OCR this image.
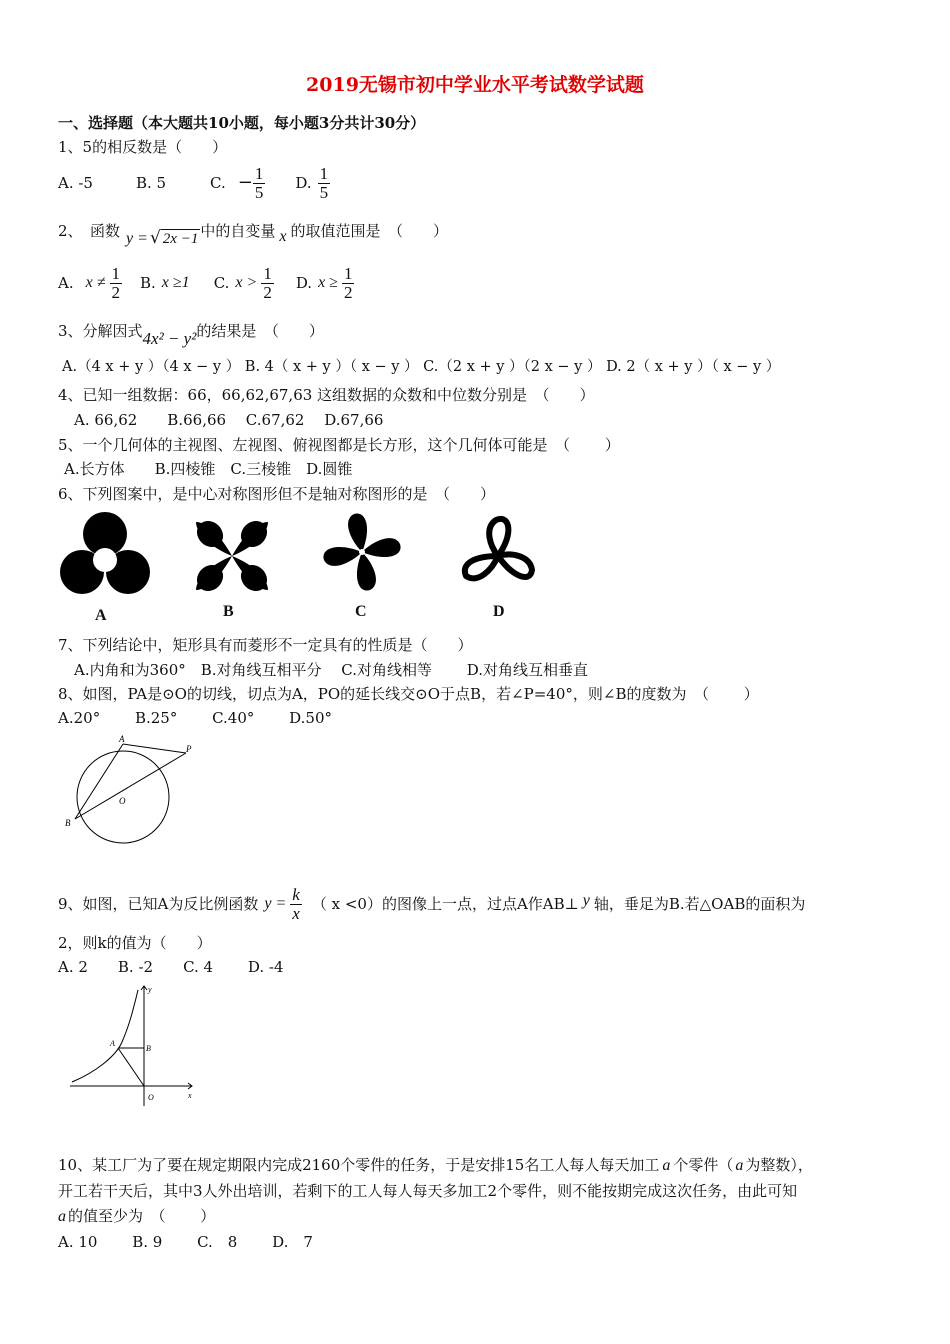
2019无锡市初中学业水平考试数学试题
一、选择题（本大题共10小题，每小题3分共计30分）
1、5的相反数是（　　）
A. -5	B. 5	C. − $\frac{1}{5} D$. $\frac{1}{5}$
2、　函数 y = √ 2x −1 中的自变量 x 的取值范围是　（　　）
A. $x \ne \frac{1}{2} B$. x ≥1 C. $x > \frac{1}{2} D$. $x \ge \frac{1}{2}$
3、分解因式 4x² − y² 的结果是　（　　）
A.（4 x + y ）（4 x − y ） B. 4（ x + y ）（ x − y ） C.（2 x + y ）（2 x − y ） D. 2（ x + y ）（ x − y ）
4、已知一组数据：66，66,62,67,63 这组数据的众数和中位数分别是　（　　）
A. 66,62　　B.66,66　 C.67,62　 D.67,66
5、一个几何体的主视图、左视图、俯视图都是长方形，这个几何体可能是　（　　 ）
A.长方体　　B.四棱锥　C.三棱锥　D.圆锥
6、下列图案中，是中心对称图形但不是轴对称图形的是　（　　）
A	B	C	D
7、下列结论中，矩形具有而菱形不一定具有的性质是（　　）
A.内角和为360°　B.对角线互相平分　 C.对角线相等　　 D.对角线互相垂直
8、如图，PA是⊙O的切线，切点为A，PO的延长线交⊙O于点B，若∠P=40°，则∠B的度数为　（　　 ）
A.20°　　 B.25°　　 C.40°　　 D.50°
A
P
O
B
9、如图，已知A为反比例函数 $y = \frac{k}{x}$ （ x <0） 的图像上一点，过点A作AB⊥ y 轴，垂足为B.若△OAB的面积为
2，则k的值为（　　）
A. 2　　B. -2　　C. 4　　 D. -4
y
A
B
O	x
10、某工厂为了要在规定期限内完成2160个零件的任务，于是安排15名工人每人每天加工 a 个零件（ a 为整数），
开工若干天后，其中3人外出培训，若剩下的工人每人每天多加工2个零件，则不能按期完成这次任务，由此可知
a 的值至少为　（　　 ）
A. 10　　 B. 9　　 C.　8　　 D.　7
